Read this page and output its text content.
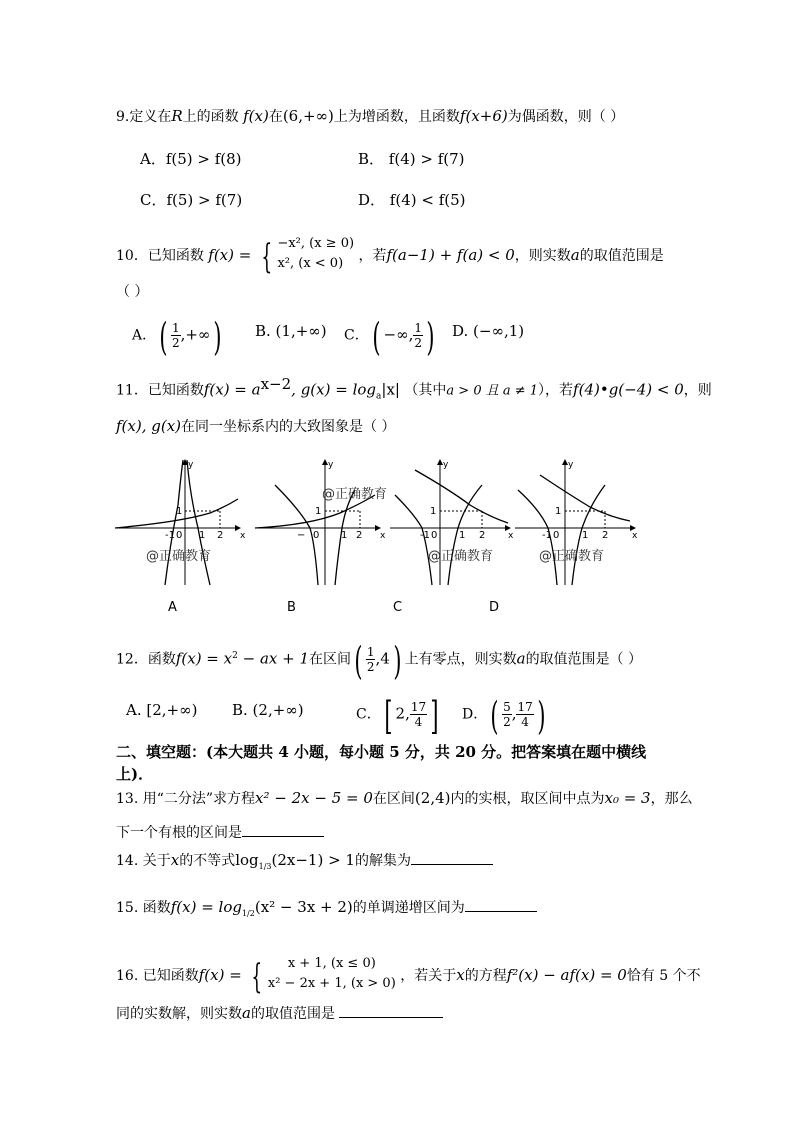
9.定义在R上的函数 f(x)在(6,+∞)上为增函数，且函数f(x+6)为偶函数，则（ ）
A．f(5) > f(8)	B． f(4) > f(7)
C．f(5) > f(7)	D． f(4) < f(5)
10．已知函数 f(x) = { −x², (x ≥ 0)
x², (x < 0)	，若f(a−1) + f(a) < 0，则实数a的取值范围是
（ ）
A．( $\frac{1}{2}$ ,+∞) B. (1,+∞) C．( −∞, $\frac{1}{2}$ ) D. (−∞,1)
11．已知函数$f(x) = a^{x-2}$, $g(x) = \log_a|x|$ （其中a > 0 且 a ≠ 1），若f(4)•g(−4) < 0，则
f(x), g(x)在同一坐标系内的大致图象是（ ）
y
x
-1 0 1 2
1
y
x
− 0 1 2
1
y
x
-1 0 1 2
1
y
x
-1 0 1 2
1
@正确教育
@正确教育	@正确教育	@正确教育
A	B	C	D
12．函数$f(x) = x^2$ − ax + 1在区间( $\frac{1}{2} ,4$) 上有零点，则实数a的取值范围是（ ）
A. [2,+∞) B. (2,+∞)	C．[ 2, $\frac{17}{4}$ ] D．( $\frac{5}{2}$ , $\frac{17}{4}$ )
二、填空题：(本大题共 4 小题，每小题 5 分，共 20 分。把答案填在题中横线
上)．
13. 用“二分法”求方程x² − 2x − 5 = 0在区间(2,4)内的实根，取区间中点为x₀ = 3，那么
下一个有根的区间是
14. 关于x的不等式$\log_{1/3}(2x-1) > 1$的解集为
15. 函数$f(x) = \log_{1/2}(x^2 - 3x + 2)$的单调递增区间为
16. 已知函数f(x) = {	x + 1, (x ≤ 0)
x² − 2x + 1, (x > 0) ，若关于x的方程f²(x) − af(x) = 0恰有 5 个不
同的实数解，则实数a的取值范围是
